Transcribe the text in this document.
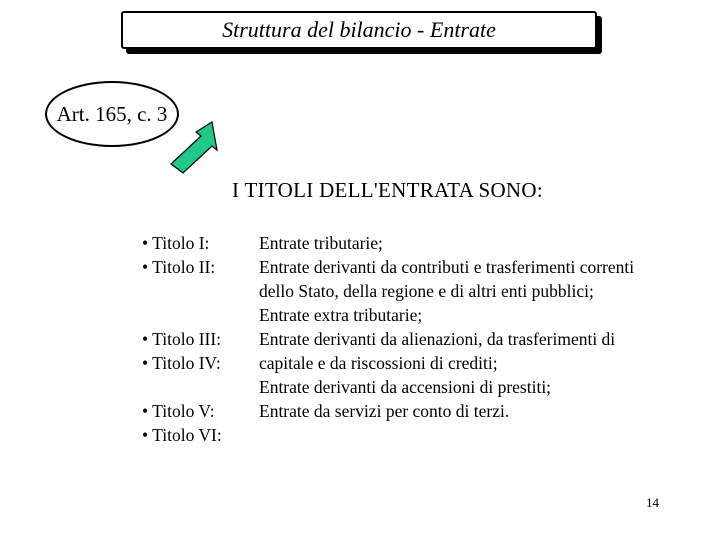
Struttura del bilancio - Entrate
Art. 165, c. 3
I TITOLI DELL'ENTRATA SONO:
• Titolo I:
• Titolo II:
• Titolo III:
• Titolo IV:
• Titolo V:
• Titolo VI:
Entrate tributarie;
Entrate derivanti da contributi e trasferimenti correnti dello Stato, della regione e di altri enti pubblici;
Entrate extra tributarie;
Entrate derivanti da alienazioni, da trasferimenti di capitale e da riscossioni di crediti;
Entrate derivanti da accensioni di prestiti;
Entrate da servizi per conto di terzi.
14
